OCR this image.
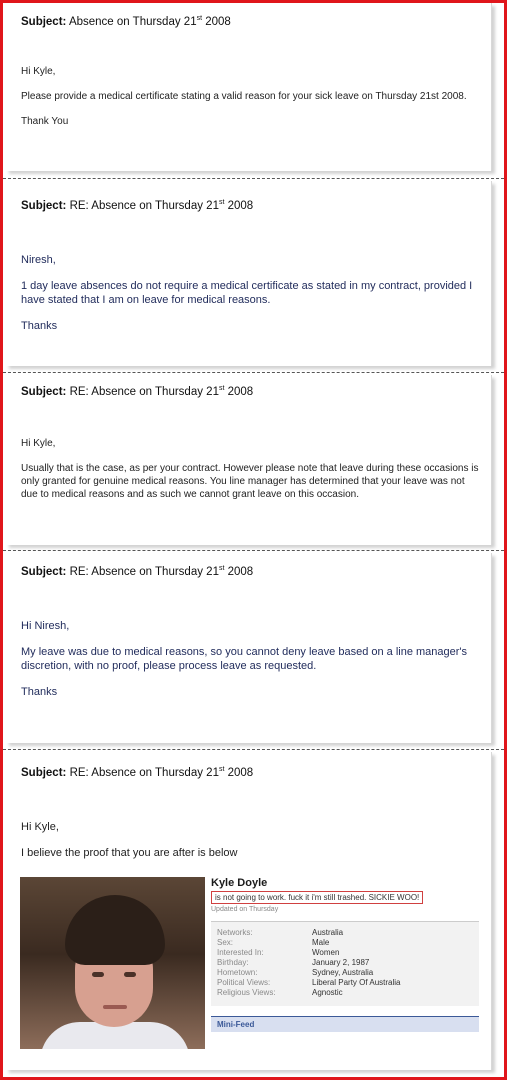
Subject: Absence on Thursday 21st 2008

Hi Kyle,

Please provide a medical certificate stating a valid reason for your sick leave on Thursday 21st 2008.

Thank You

Subject: RE: Absence on Thursday 21st 2008

Niresh,

1 day leave absences do not require a medical certificate as stated in my contract, provided I have stated that I am on leave for medical reasons.

Thanks

Subject: RE: Absence on Thursday 21st 2008

Hi Kyle,

Usually that is the case, as per your contract. However please note that leave during these occasions is only granted for genuine medical reasons. You line manager has determined that your leave was not due to medical reasons and as such we cannot grant leave on this occasion.

Subject: RE: Absence on Thursday 21st 2008

Hi Niresh,

My leave was due to medical reasons, so you cannot deny leave based on a line manager's discretion, with no proof, please process leave as requested.

Thanks

Subject: RE: Absence on Thursday 21st 2008

Hi Kyle,

I believe the proof that you are after is below

Kyle Doyle
is not going to work. fuck it i'm still trashed. SICKIE WOO!
Updated on Thursday
Networks:	Australia
Sex:	Male
Interested In:	Women
Birthday:	January 2, 1987
Hometown:	Sydney, Australia
Political Views:	Liberal Party Of Australia
Religious Views:	Agnostic
Mini-Feed
